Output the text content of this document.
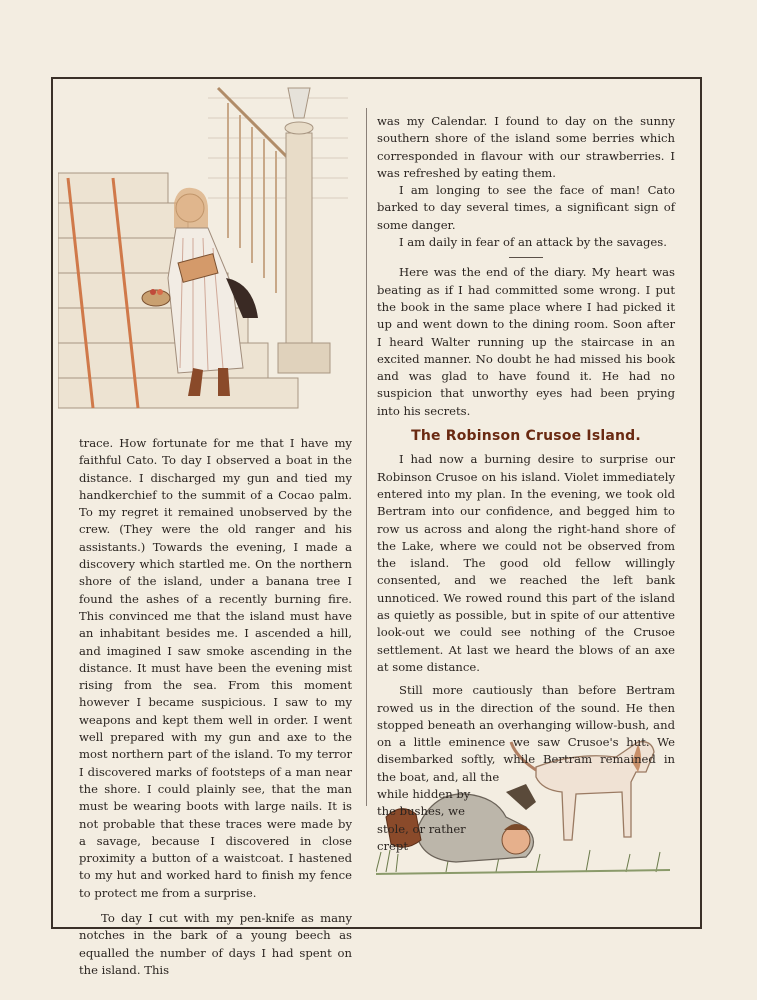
trace. How fortunate for me that I have my faithful Cato. To day I observed a boat in the distance. I discharged my gun and tied my handkerchief to the summit of a Cocao palm. To my regret it remained unobserved by the crew. (They were the old ranger and his assistants.) Towards the evening, I made a discovery which startled me. On the northern shore of the island, under a banana tree I found the ashes of a recently burning fire. This convinced me that the island must have an inhabitant besides me. I ascended a hill, and imagined I saw smoke ascending in the distance. It must have been the evening mist rising from the sea. From this moment however I became suspicious. I saw to my weapons and kept them well in order. I went well prepared with my gun and axe to the most northern part of the island. To my terror I discovered marks of footsteps of a man near the shore. I could plainly see, that the man must be wearing boots with large nails. It is not probable that these traces were made by a savage, because I discovered in close proximity a button of a waistcoat. I hastened to my hut and worked hard to finish my fence to protect me from a surprise.

To day I cut with my pen-knife as many notches in the bark of a young beech as equalled the number of days I had spent on the island. This

was my Calendar. I found to day on the sunny southern shore of the island some berries which corresponded in flavour with our strawberries. I was refreshed by eating them.

I am longing to see the face of man! Cato barked to day several times, a significant sign of some danger.

I am daily in fear of an attack by the savages.

Here was the end of the diary. My heart was beating as if I had committed some wrong. I put the book in the same place where I had picked it up and went down to the dining room. Soon after I heard Walter running up the staircase in an excited manner. No doubt he had missed his book and was glad to have found it. He had no suspicion that unworthy eyes had been prying into his secrets.

The Robinson Crusoe Island.

I had now a burning desire to surprise our Robinson Crusoe on his island. Violet immediately entered into my plan. In the evening, we took old Bertram into our confidence, and begged him to row us across and along the right-hand shore of the Lake, where we could not be observed from the island. The good old fellow willingly consented, and we reached the left bank unnoticed. We rowed round this part of the island as quietly as possible, but in spite of our attentive look-out we could see nothing of the Crusoe settlement. At last we heard the blows of an axe at some distance.

Still more cautiously than before Bertram rowed us in the direction of the sound. He then stopped beneath an overhanging willow-bush, and on a little eminence we saw Crusoe's hut. We disembarked softly, while Bertram remained in the boat, and, all the

while hidden by
the bushes, we
stole, or rather
crept
